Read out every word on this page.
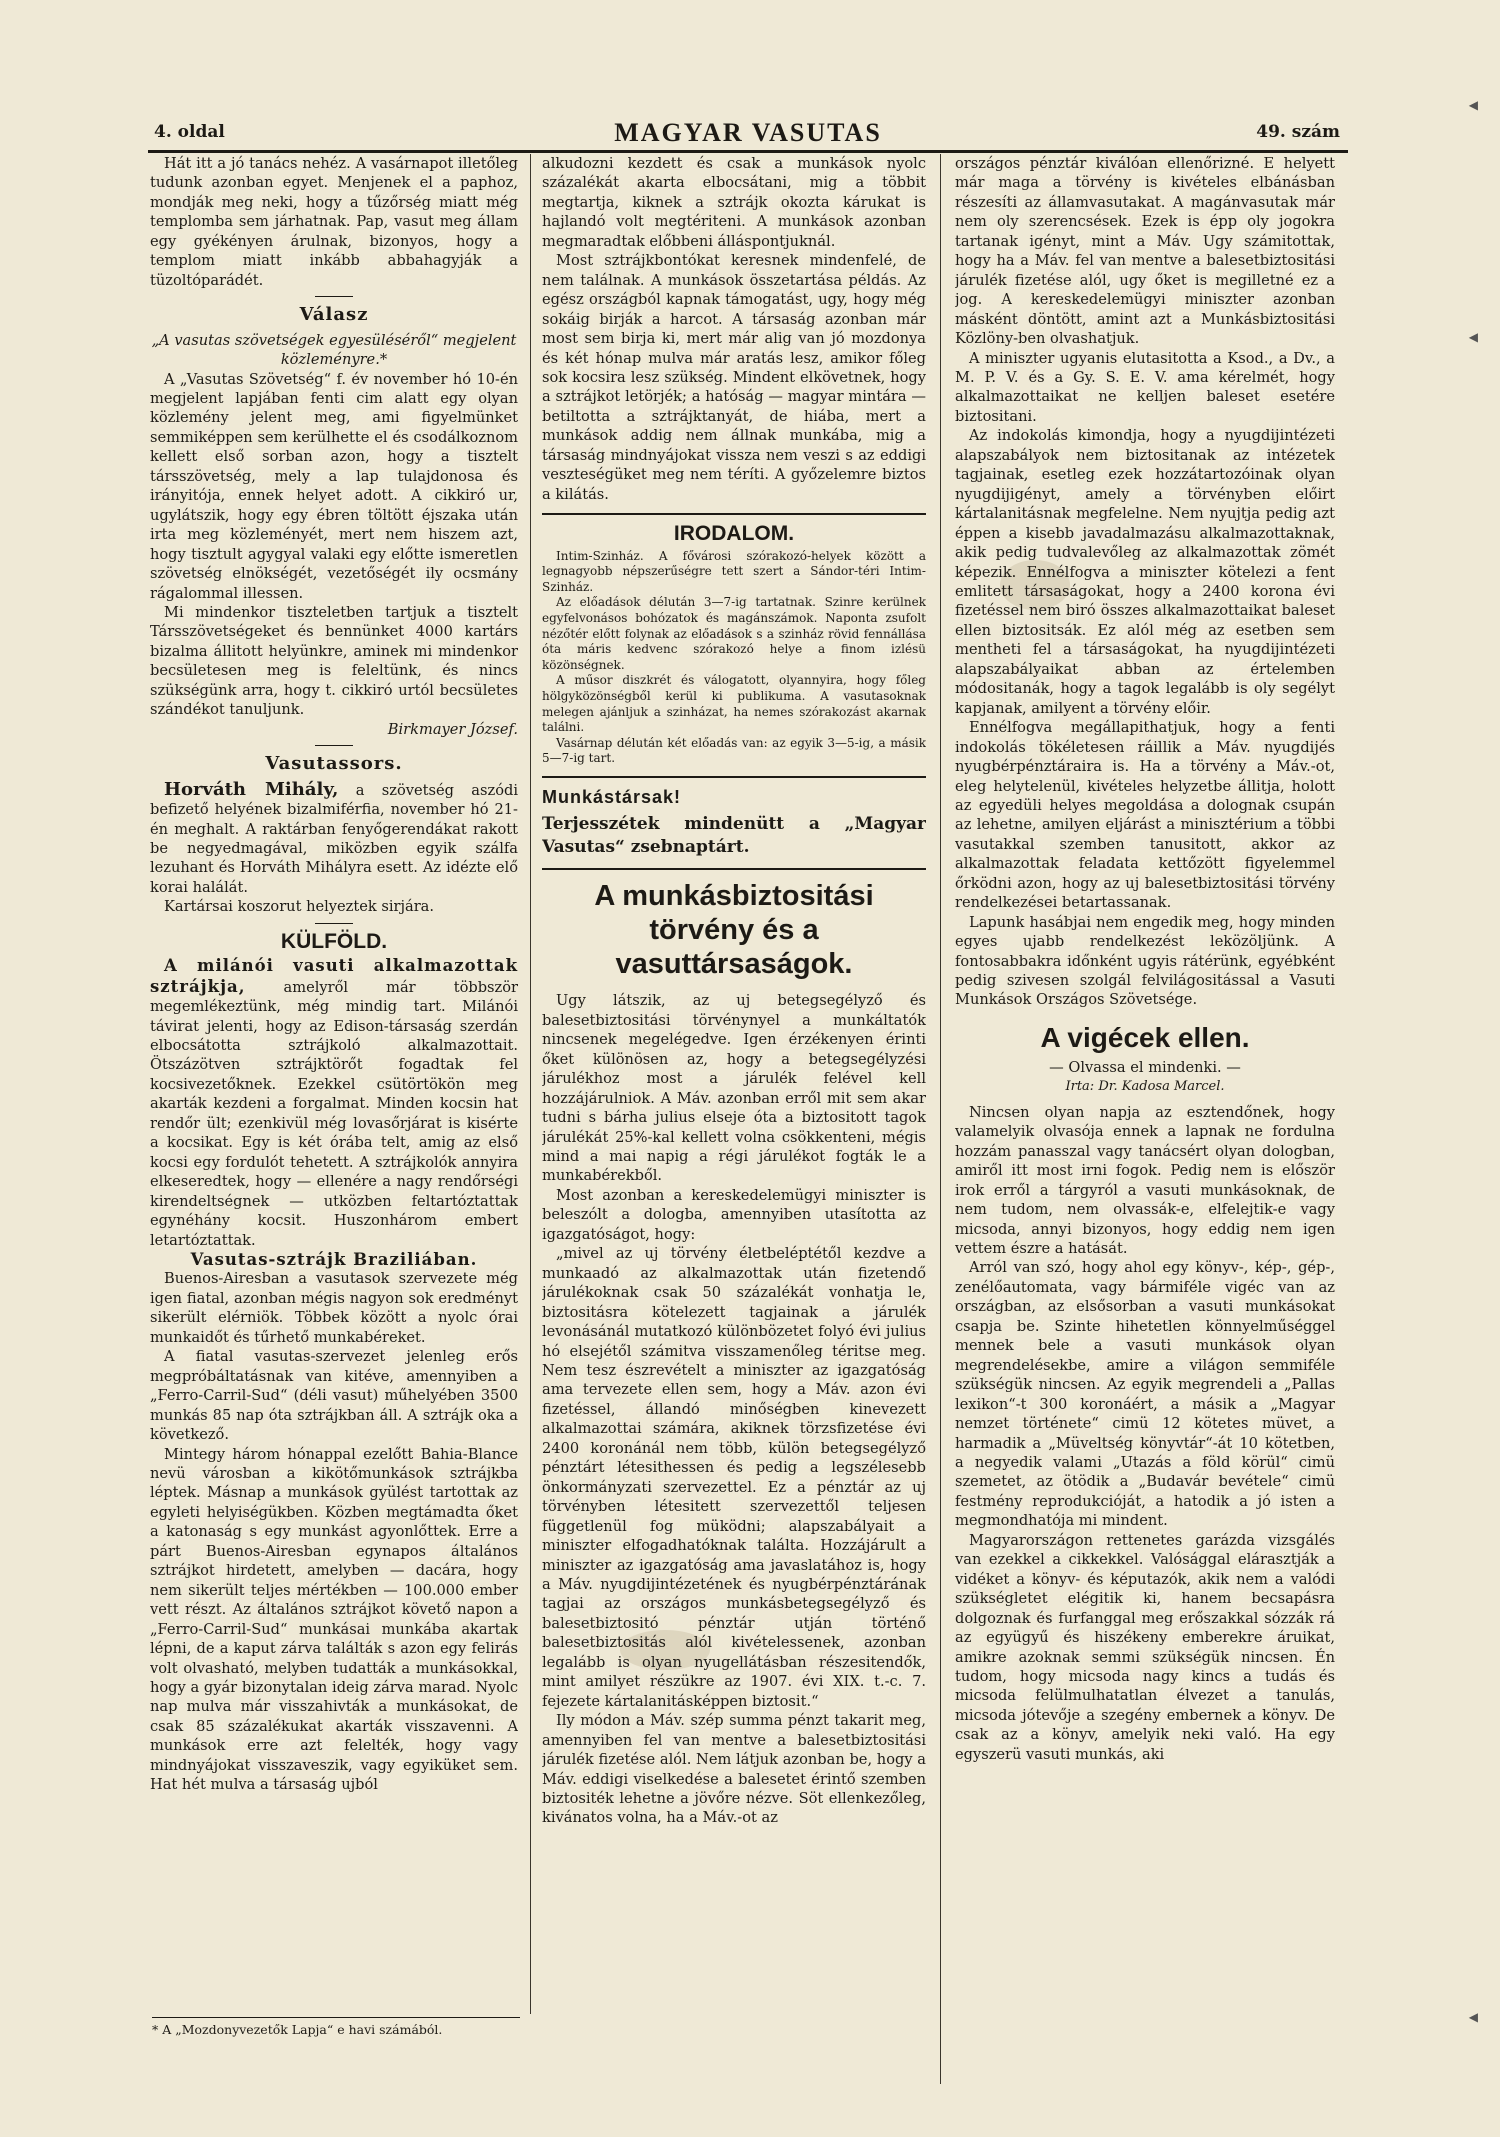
◀
◀
◀
4. oldal	MAGYAR VASUTAS	49. szám

Hát itt a jó tanács nehéz. A vasárnapot illetőleg tudunk azonban egyet. Menjenek el a paphoz, mondják meg neki, hogy a tűzőrség miatt még templomba sem járhatnak. Pap, vasut meg állam egy gyékényen árulnak, bizonyos, hogy a templom miatt inkább abbahagyják a tüzoltóparádét.

Válasz
„A vasutas szövetségek egyesüléséről“ megjelent közleményre.*

A „Vasutas Szövetség“ f. év november hó 10-én megjelent lapjában fenti cim alatt egy olyan közlemény jelent meg, ami figyelmünket semmiképpen sem kerülhette el és csodálkoznom kellett első sorban azon, hogy a tisztelt társszövetség, mely a lap tulajdonosa és irányitója, ennek helyet adott. A cikkiró ur, ugylátszik, hogy egy ébren töltött éjszaka után irta meg közleményét, mert nem hiszem azt, hogy tisztult agygyal valaki egy előtte ismeretlen szövetség elnökségét, vezetőségét ily ocsmány rágalommal illessen.

Mi mindenkor tiszteletben tartjuk a tisztelt Társszövetségeket és bennünket 4000 kartárs bizalma állitott helyünkre, aminek mi mindenkor becsületesen meg is feleltünk, és nincs szükségünk arra, hogy t. cikkiró urtól becsületes szándékot tanuljunk.

Birkmayer József.
Vasutassors.

Horváth Mihály, a szövetség aszódi befizető helyének bizalmiférfia, november hó 21-én meghalt. A raktárban fenyőgerendákat rakott be negyedmagával, miközben egyik szálfa lezuhant és Horváth Mihályra esett. Az idézte elő korai halálát.

Kartársai koszorut helyeztek sirjára.

KÜLFÖLD.

A milánói vasuti alkalmazottak sztrájkja, amelyről már többször megemlékeztünk, még mindig tart. Milánói távirat jelenti, hogy az Edison-társaság szerdán elbocsátotta sztrájkoló alkalmazottait. Ötszázötven sztrájktörőt fogadtak fel kocsivezetőknek. Ezekkel csütörtökön meg akarták kezdeni a forgalmat. Minden kocsin hat rendőr ült; ezenkivül még lovasőrjárat is kisérte a kocsikat. Egy is két órába telt, amig az első kocsi egy fordulót tehetett. A sztrájkolók annyira elkeseredtek, hogy — ellenére a nagy rendőrségi kirendeltségnek — utközben feltartóztattak egynéhány kocsit. Huszonhárom embert letartóztattak.

Vasutas-sztrájk Braziliában.

Buenos-Airesban a vasutasok szervezete még igen fiatal, azonban mégis nagyon sok eredményt sikerült elérniök. Többek között a nyolc órai munkaidőt és tűrhető munkabéreket.

A fiatal vasutas-szervezet jelenleg erős megpróbáltatásnak van kitéve, amennyiben a „Ferro-Carril-Sud“ (déli vasut) műhelyében 3500 munkás 85 nap óta sztrájkban áll. A sztrájk oka a következő.

Mintegy három hónappal ezelőtt Bahia-Blance nevü városban a kikötőmunkások sztrájkba léptek. Másnap a munkások gyülést tartottak az egyleti helyiségükben. Közben megtámadta őket a katonaság s egy munkást agyonlőttek. Erre a párt Buenos-Airesban egynapos általános sztrájkot hirdetett, amelyben — dacára, hogy nem sikerült teljes mértékben — 100.000 ember vett részt. Az általános sztrájkot követő napon a „Ferro-Carril-Sud“ munkásai munkába akartak lépni, de a kaput zárva találták s azon egy felirás volt olvasható, melyben tudatták a munkásokkal, hogy a gyár bizonytalan ideig zárva marad. Nyolc nap mulva már visszahivták a munkásokat, de csak 85 százalékukat akarták visszavenni. A munkások erre azt felelték, hogy vagy mindnyájokat visszaveszik, vagy egyiküket sem. Hat hét mulva a társaság ujból

* A „Mozdonyvezetők Lapja“ e havi számából.

alkudozni kezdett és csak a munkások nyolc százalékát akarta elbocsátani, mig a többit megtartja, kiknek a sztrájk okozta kárukat is hajlandó volt megtériteni. A munkások azonban megmaradtak előbbeni álláspontjuknál.

Most sztrájkbontókat keresnek mindenfelé, de nem találnak. A munkások összetartása példás. Az egész országból kapnak támogatást, ugy, hogy még sokáig birják a harcot. A társaság azonban már most sem birja ki, mert már alig van jó mozdonya és két hónap mulva már aratás lesz, amikor főleg sok kocsira lesz szükség. Mindent elkövetnek, hogy a sztrájkot letörjék; a hatóság — magyar mintára — betiltotta a sztrájktanyát, de hiába, mert a munkások addig nem állnak munkába, mig a társaság mindnyájokat vissza nem veszi s az eddigi veszteségüket meg nem téríti. A győzelemre biztos a kilátás.

IRODALOM.

Intim-Szinház. A fővárosi szórakozó-helyek között a legnagyobb népszerűségre tett szert a Sándor-téri Intim-Szinház.

Az előadások délután 3—7-ig tartatnak. Szinre kerülnek egyfelvonásos bohózatok és magánszámok. Naponta zsufolt nézőtér előtt folynak az előadások s a szinház rövid fennállása óta máris kedvenc szórakozó helye a finom izlésü közönségnek.

A műsor diszkrét és válogatott, olyannyira, hogy főleg hölgyközönségből kerül ki publikuma. A vasutasoknak melegen ajánljuk a szinházat, ha nemes szórakozást akarnak találni.

Vasárnap délután két előadás van: az egyik 3—5-ig, a másik 5—7-ig tart.

Munkástársak!

Terjesszétek mindenütt a „Magyar Vasutas“ zsebnaptárt.

A munkásbiztositási törvény és a vasuttársaságok.

Ugy látszik, az uj betegsegélyző és balesetbiztositási törvénynyel a munkáltatók nincsenek megelégedve. Igen érzékenyen érinti őket különösen az, hogy a betegsegélyzési járulékhoz most a járulék felével kell hozzájárulniok. A Máv. azonban erről mit sem akar tudni s bárha julius elseje óta a biztositott tagok járulékát 25%-kal kellett volna csökkenteni, mégis mind a mai napig a régi járulékot fogták le a munkabérekből.

Most azonban a kereskedelemügyi miniszter is beleszólt a dologba, amennyiben utasította az igazgatóságot, hogy:

„mivel az uj törvény életbeléptétől kezdve a munkaadó az alkalmazottak után fizetendő járulékoknak csak 50 százalékát vonhatja le, biztositásra kötelezett tagjainak a járulék levonásánál mutatkozó különbözetet folyó évi julius hó elsejétől számitva visszamenőleg téritse meg. Nem tesz észrevételt a miniszter az igazgatóság ama tervezete ellen sem, hogy a Máv. azon évi fizetéssel, állandó minőségben kinevezett alkalmazottai számára, akiknek törzsfizetése évi 2400 koronánál nem több, külön betegsegélyző pénztárt létesithessen és pedig a legszélesebb önkormányzati szervezettel. Ez a pénztár az uj törvényben létesitett szervezettől teljesen függetlenül fog müködni; alapszabályait a miniszter elfogadhatóknak találta. Hozzájárult a miniszter az igazgatóság ama javaslatához is, hogy a Máv. nyugdijintézetének és nyugbérpénztárának tagjai az országos munkásbetegsegélyző és balesetbiztositó pénztár utján történő balesetbiztositás alól kivételessenek, azonban legalább is olyan nyugellátásban részesitendők, mint amilyet részükre az 1907. évi XIX. t.-c. 7. fejezete kártalanitásképpen biztosit.“

Ily módon a Máv. szép summa pénzt takarit meg, amennyiben fel van mentve a balesetbiztositási járulék fizetése alól. Nem látjuk azonban be, hogy a Máv. eddigi viselkedése a balesetet érintő szemben biztositék lehetne a jövőre nézve. Söt ellenkezőleg, kivánatos volna, ha a Máv.-ot az

országos pénztár kiválóan ellenőrizné. E helyett már maga a törvény is kivételes elbánásban részesíti az államvasutakat. A magánvasutak már nem oly szerencsések. Ezek is épp oly jogokra tartanak igényt, mint a Máv. Ugy számitottak, hogy ha a Máv. fel van mentve a balesetbiztositási járulék fizetése alól, ugy őket is megilletné ez a jog. A kereskedelemügyi miniszter azonban másként döntött, amint azt a Munkásbiztositási Közlöny-ben olvashatjuk.

A miniszter ugyanis elutasitotta a Ksod., a Dv., a M. P. V. és a Gy. S. E. V. ama kérelmét, hogy alkalmazottaikat ne kelljen baleset esetére biztositani.

Az indokolás kimondja, hogy a nyugdijintézeti alapszabályok nem biztositanak az intézetek tagjainak, esetleg ezek hozzátartozóinak olyan nyugdijigényt, amely a törvényben előirt kártalanitásnak megfelelne. Nem nyujtja pedig azt éppen a kisebb javadalmazásu alkalmazottaknak, akik pedig tudvalevőleg az alkalmazottak zömét képezik. Ennélfogva a miniszter kötelezi a fent emlitett társaságokat, hogy a 2400 korona évi fizetéssel nem biró összes alkalmazottaikat baleset ellen biztositsák. Ez alól még az esetben sem mentheti fel a társaságokat, ha nyugdijintézeti alapszabályaikat abban az értelemben módositanák, hogy a tagok legalább is oly segélyt kapjanak, amilyent a törvény előir.

Ennélfogva megállapithatjuk, hogy a fenti indokolás tökéletesen ráillik a Máv. nyugdijés nyugbérpénztáraira is. Ha a törvény a Máv.-ot, eleg helytelenül, kivételes helyzetbe állitja, holott az egyedüli helyes megoldása a dolognak csupán az lehetne, amilyen eljárást a minisztérium a többi vasutakkal szemben tanusitott, akkor az alkalmazottak feladata kettőzött figyelemmel őrködni azon, hogy az uj balesetbiztositási törvény rendelkezései betartassanak.

Lapunk hasábjai nem engedik meg, hogy minden egyes ujabb rendelkezést leközöljünk. A fontosabbakra időnként ugyis rátérünk, egyébként pedig szivesen szolgál felvilágositással a Vasuti Munkások Országos Szövetsége.

A vigécek ellen.
— Olvassa el mindenki. —
Irta: Dr. Kadosa Marcel.

Nincsen olyan napja az esztendőnek, hogy valamelyik olvasója ennek a lapnak ne fordulna hozzám panasszal vagy tanácsért olyan dologban, amiről itt most irni fogok. Pedig nem is először irok erről a tárgyról a vasuti munkásoknak, de nem tudom, nem olvassák-e, elfelejtik-e vagy micsoda, annyi bizonyos, hogy eddig nem igen vettem észre a hatását.

Arról van szó, hogy ahol egy könyv-, kép-, gép-, zenélőautomata, vagy bármiféle vigéc van az országban, az elsősorban a vasuti munkásokat csapja be. Szinte hihetetlen könnyelműséggel mennek bele a vasuti munkások olyan megrendelésekbe, amire a világon semmiféle szükségük nincsen. Az egyik megrendeli a „Pallas lexikon“-t 300 koronáért, a másik a „Magyar nemzet története“ cimü 12 kötetes müvet, a harmadik a „Müveltség könyvtár“-át 10 kötetben, a negyedik valami „Utazás a föld körül“ cimü szemetet, az ötödik a „Budavár bevétele“ cimü festmény reprodukcióját, a hatodik a jó isten a megmondhatója mi mindent.

Magyarországon rettenetes garázda vizsgálés van ezekkel a cikkekkel. Valósággal elárasztják a vidéket a könyv- és képutazók, akik nem a valódi szükségletet elégitik ki, hanem becsapásra dolgoznak és furfanggal meg erőszakkal sózzák rá az együgyű és hiszékeny emberekre áruikat, amikre azoknak semmi szükségük nincsen. Én tudom, hogy micsoda nagy kincs a tudás és micsoda felülmulhatatlan élvezet a tanulás, micsoda jótevője a szegény embernek a könyv. De csak az a könyv, amelyik neki való. Ha egy egyszerü vasuti munkás, aki
